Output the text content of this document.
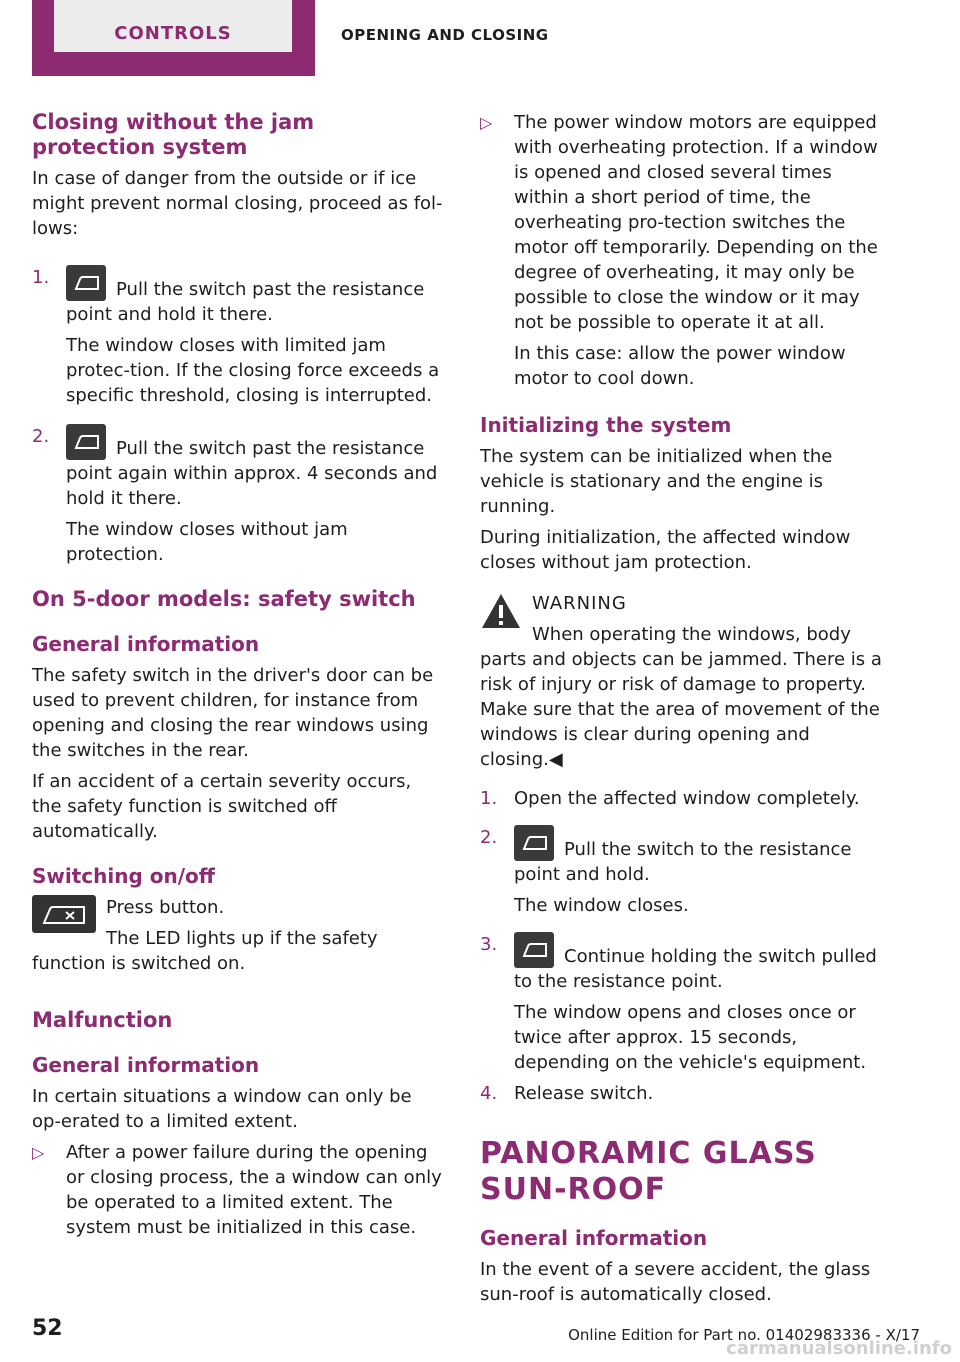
CONTROLS	OPENING AND CLOSING
Closing without the jam protection system

In case of danger from the outside or if ice might prevent normal closing, proceed as fol‐lows:

1.

Pull the switch past the resistance point and hold it there.

The window closes with limited jam protec‐tion. If the closing force exceeds a specific threshold, closing is interrupted.

2.

Pull the switch past the resistance point again within approx. 4 seconds and hold it there.

The window closes without jam protection.

On 5-door models: safety switch
General information

The safety switch in the driver's door can be used to prevent children, for instance from opening and closing the rear windows using the switches in the rear.

If an accident of a certain severity occurs, the safety function is switched off automatically.

Switching on/off

Press button.

The LED lights up if the safety function is switched on.

Malfunction
General information

In certain situations a window can only be op‐erated to a limited extent.

▷ After a power failure during the opening or closing process, the a window can only be operated to a limited extent. The system must be initialized in this case.

▷ The power window motors are equipped with overheating protection. If a window is opened and closed several times within a short period of time, the overheating pro‐tection switches the motor off temporarily. Depending on the degree of overheating, it may only be possible to close the window or it may not be possible to operate it at all.

In this case: allow the power window motor to cool down.

Initializing the system

The system can be initialized when the vehicle is stationary and the engine is running.

During initialization, the affected window closes without jam protection.

WARNING

When operating the windows, body parts and objects can be jammed. There is a risk of injury or risk of damage to property. Make sure that the area of movement of the windows is clear during opening and closing.◀

1. Open the affected window completely.

2.

Pull the switch to the resistance point and hold.

The window closes.

3.

Continue holding the switch pulled to the resistance point.

The window opens and closes once or twice after approx. 15 seconds, depending on the vehicle's equipment.

4. Release switch.

PANORAMIC GLASS SUN‐ROOF
General information

In the event of a severe accident, the glass sun‐roof is automatically closed.

52	Online Edition for Part no. 01402983336 - X/17
carmanualsonline.info
